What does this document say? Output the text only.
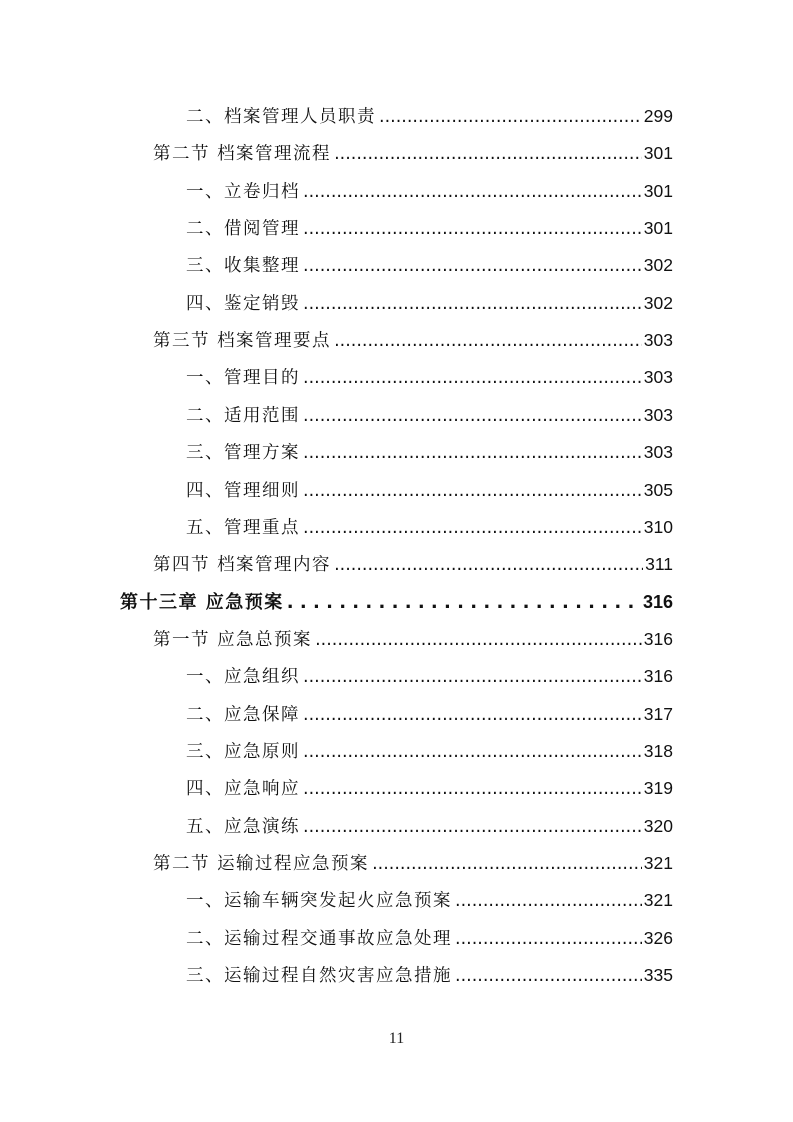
二、档案管理人员职责 .....	299
第二节 档案管理流程 .....	301
一、立卷归档 .....	301
二、借阅管理 .....	301
三、收集整理 .....	302
四、鉴定销毁 .....	302
第三节 档案管理要点 .....	303
一、管理目的 .....	303
二、适用范围 .....	303
三、管理方案 .....	303
四、管理细则 .....	305
五、管理重点 .....	310
第四节 档案管理内容 .....	311
第十三章 应急预案 . . .	316
第一节 应急总预案 .....	316
一、应急组织 .....	316
二、应急保障 .....	317
三、应急原则 .....	318
四、应急响应 .....	319
五、应急演练 .....	320
第二节 运输过程应急预案 .....	321
一、运输车辆突发起火应急预案 .....	321
二、运输过程交通事故应急处理 .....	326
三、运输过程自然灾害应急措施 .....	335
11
